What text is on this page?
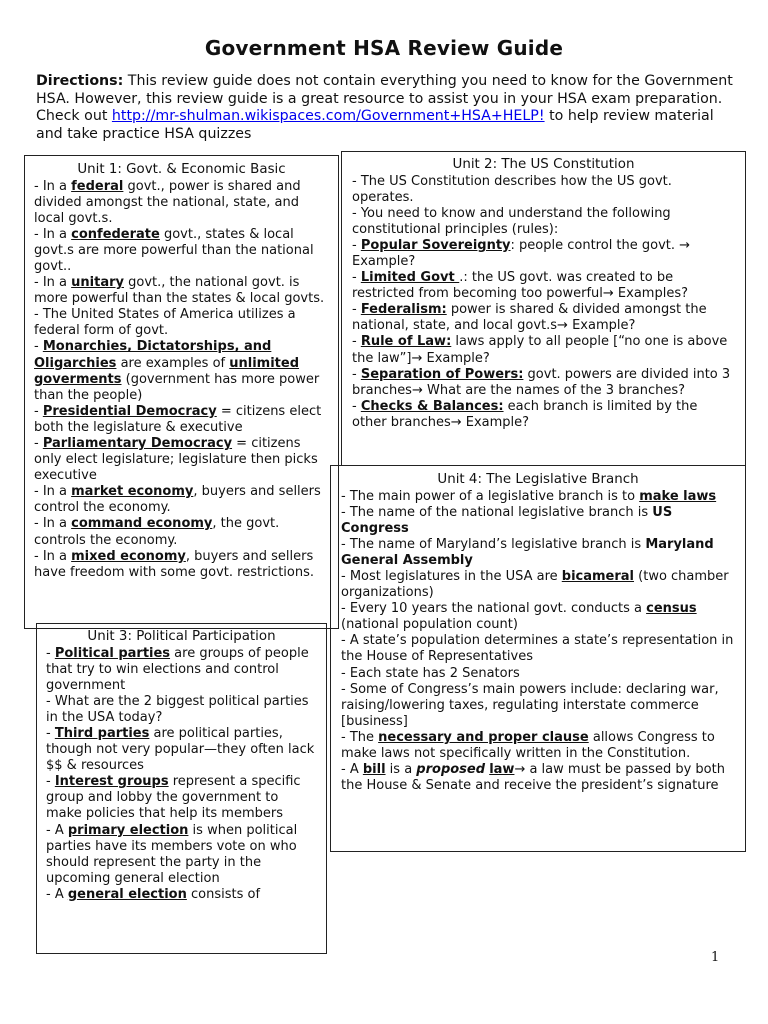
Government HSA Review Guide
Directions: This review guide does not contain everything you need to know for the Government HSA. However, this review guide is a great resource to assist you in your HSA exam preparation. Check out http://mr-shulman.wikispaces.com/Government+HSA+HELP! to help review material and take practice HSA quizzes
Unit 1: Govt. & Economic Basic

- In a federal govt., power is shared and divided amongst the national, state, and local govt.s.

- In a confederate govt., states & local govt.s are more powerful than the national govt..

- In a unitary govt., the national govt. is more powerful than the states & local govts.

- The United States of America utilizes a federal form of govt.

- Monarchies, Dictatorships, and Oligarchies are examples of unlimited goverments (government has more power than the people)

- Presidential Democracy = citizens elect both the legislature & executive

- Parliamentary Democracy = citizens only elect legislature; legislature then picks executive

- In a market economy, buyers and sellers control the economy.

- In a command economy, the govt. controls the economy.

- In a mixed economy, buyers and sellers have freedom with some govt. restrictions.

Unit 2: The US Constitution

- The US Constitution describes how the US govt. operates.

- You need to know and understand the following constitutional principles (rules):

- Popular Sovereignty: people control the govt. → Example?

- Limited Govt .: the US govt. was created to be restricted from becoming too powerful→ Examples?

- Federalism: power is shared & divided amongst the national, state, and local govt.s→ Example?

- Rule of Law: laws apply to all people [“no one is above the law”]→ Example?

- Separation of Powers: govt. powers are divided into 3 branches→ What are the names of the 3 branches?

- Checks & Balances: each branch is limited by the other branches→ Example?

Unit 3: Political Participation

- Political parties are groups of people that try to win elections and control government

- What are the 2 biggest political parties in the USA today?

- Third parties are political parties, though not very popular—they often lack $$ & resources

- Interest groups represent a specific group and lobby the government to make policies that help its members

- A primary election is when political parties have its members vote on who should represent the party in the upcoming general election

- A general election consists of

Unit 4: The Legislative Branch

- The main power of a legislative branch is to make laws

- The name of the national legislative branch is US Congress

- The name of Maryland’s legislative branch is Maryland General Assembly

- Most legislatures in the USA are bicameral (two chamber organizations)

- Every 10 years the national govt. conducts a census (national population count)

- A state’s population determines a state’s representation in the House of Representatives

- Each state has 2 Senators

- Some of Congress’s main powers include: declaring war, raising/lowering taxes, regulating interstate commerce [business]

- The necessary and proper clause allows Congress to make laws not specifically written in the Constitution.

- A bill is a proposed law→ a law must be passed by both the House & Senate and receive the president’s signature

1
